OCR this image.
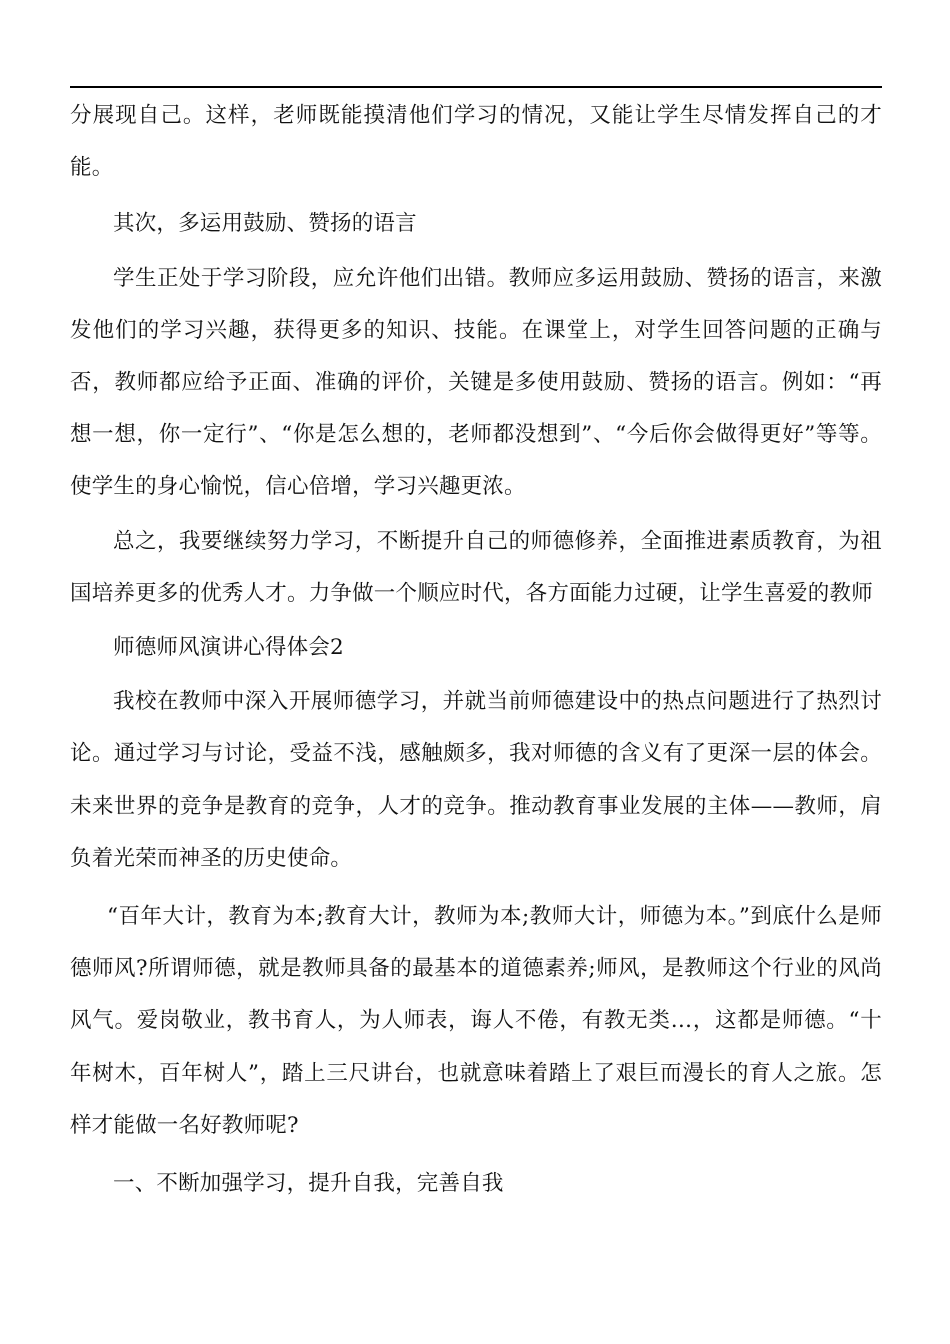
分展现自己。这样，老师既能摸清他们学习的情况，又能让学生尽情发挥自己的才能。

其次，多运用鼓励、赞扬的语言

学生正处于学习阶段，应允许他们出错。教师应多运用鼓励、赞扬的语言，来激发他们的学习兴趣，获得更多的知识、技能。在课堂上，对学生回答问题的正确与否，教师都应给予正面、准确的评价，关键是多使用鼓励、赞扬的语言。例如：“再想一想，你一定行”、“你是怎么想的，老师都没想到”、“今后你会做得更好”等等。使学生的身心愉悦，信心倍增，学习兴趣更浓。

总之，我要继续努力学习，不断提升自己的师德修养，全面推进素质教育，为祖国培养更多的优秀人才。力争做一个顺应时代，各方面能力过硬，让学生喜爱的教师

师德师风演讲心得体会2

我校在教师中深入开展师德学习，并就当前师德建设中的热点问题进行了热烈讨论。通过学习与讨论，受益不浅，感触颇多，我对师德的含义有了更深一层的体会。未来世界的竞争是教育的竞争，人才的竞争。推动教育事业发展的主体——教师，肩负着光荣而神圣的历史使命。

“百年大计，教育为本;教育大计，教师为本;教师大计，师德为本。”到底什么是师德师风?所谓师德，就是教师具备的最基本的道德素养;师风，是教师这个行业的风尚风气。爱岗敬业，教书育人，为人师表，诲人不倦，有教无类…，这都是师德。“十年树木，百年树人”，踏上三尺讲台，也就意味着踏上了艰巨而漫长的育人之旅。怎样才能做一名好教师呢?

一、不断加强学习，提升自我，完善自我
